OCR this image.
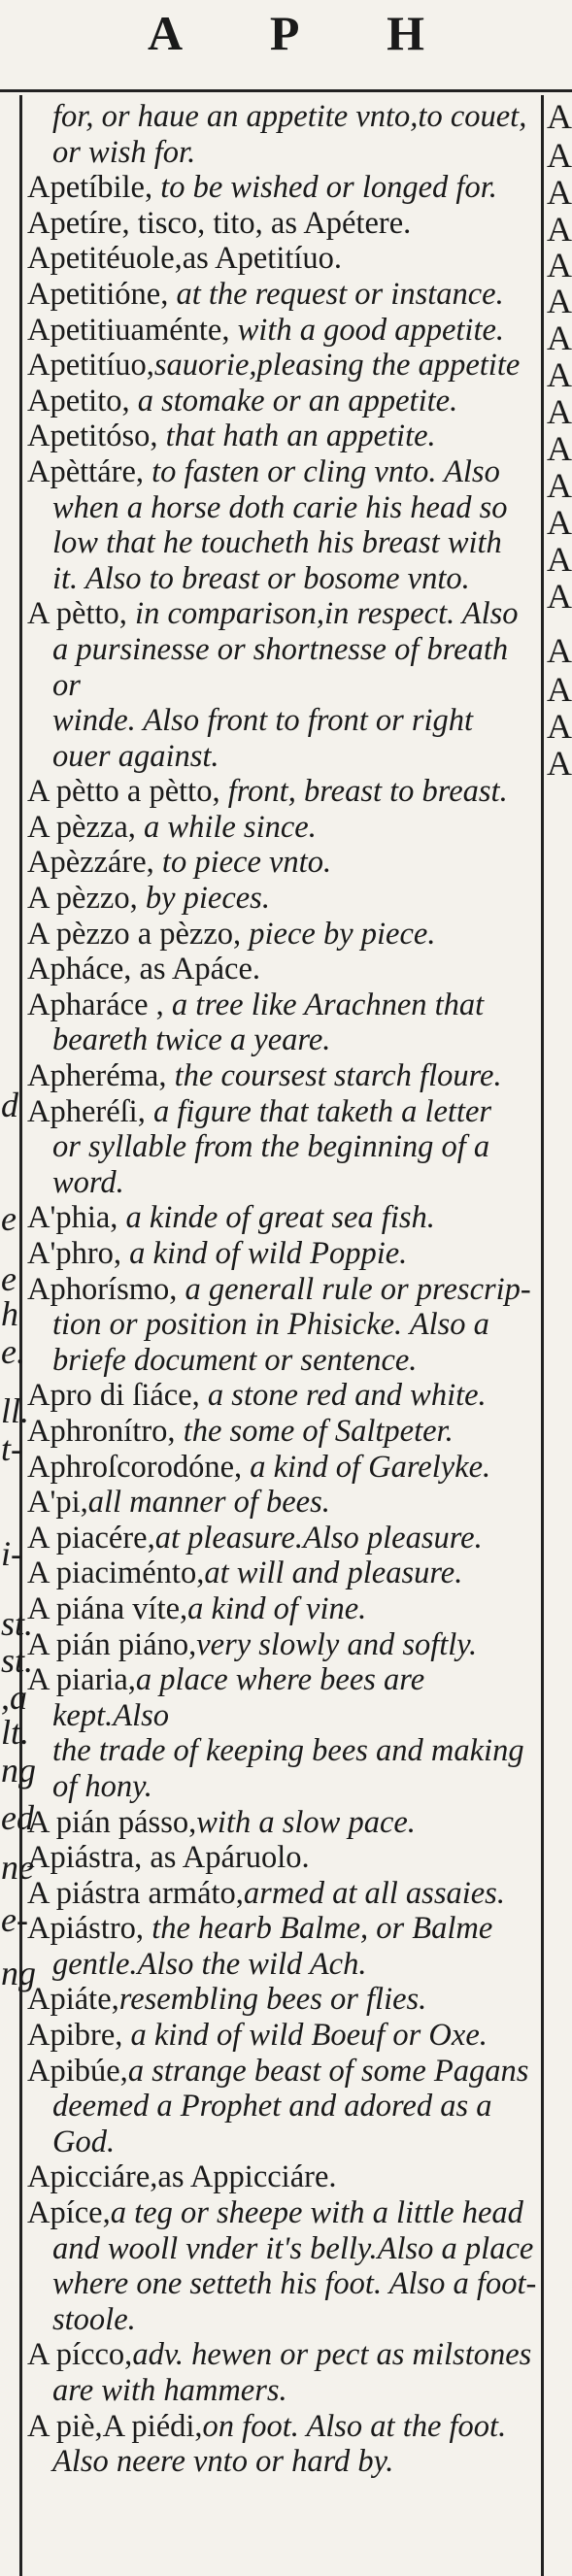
A P H
d
e
e
h
e.
ll.
t-
i-
st.
st.
,a
lt.
ng
ed
ne
e-
ng
A
A
A
A
A
A
A
A
A
A
A
A
A
A
A
A
A
A
for, or haue an appetite vnto,to couet,
or wish for.
Apetíbile, to be wished or longed for.
Apetíre, tisco, tito, as Apétere.
Apetitéuole,as Apetitíuo.
Apetitióne, at the request or instance.
Apetitiuaménte, with a good appetite.
Apetitíuo,sauorie,pleasing the appetite
Apetito, a stomake or an appetite.
Apetitóso, that hath an appetite.
Apèttáre, to fasten or cling vnto. Also
when a horse doth carie his head so
low that he toucheth his breast with
it. Also to breast or bosome vnto.
A pètto, in comparison,in respect. Also
a pursinesse or shortnesse of breath or
winde. Also front to front or right
ouer against.
A pètto a pètto, front, breast to breast.
A pèzza, a while since.
Apèzzáre, to piece vnto.
A pèzzo, by pieces.
A pèzzo a pèzzo, piece by piece.
Apháce, as Apáce.
Apharáce , a tree like Arachnen that
beareth twice a yeare.
Apheréma, the coursest starch floure.
Apheréſi, a figure that taketh a letter
or syllable from the beginning of a
word.
A'phia, a kinde of great sea fish.
A'phro, a kind of wild Poppie.
Aphorísmo, a generall rule or prescrip-
tion or position in Phisicke. Also a
briefe document or sentence.
Apro di ſiáce, a stone red and white.
Aphronítro, the some of Saltpeter.
Aphroſcorodóne, a kind of Garelyke.
A'pi,all manner of bees.
A piacére,at pleasure.Also pleasure.
A piaciménto,at will and pleasure.
A piána víte,a kind of vine.
A pián piáno,very slowly and softly.
A piaria,a place where bees are kept.Also
the trade of keeping bees and making
of hony.
A pián pásso,with a slow pace.
Apiástra, as Apáruolo.
A piástra armáto,armed at all assaies.
Apiástro, the hearb Balme, or Balme
gentle.Also the wild Ach.
Apiáte,resembling bees or flies.
Apibre, a kind of wild Boeuf or Oxe.
Apibúe,a strange beast of some Pagans
deemed a Prophet and adored as a
God.
Apicciáre,as Appicciáre.
Apíce,a teg or sheepe with a little head
and wooll vnder it's belly.Also a place
where one setteth his foot. Also a foot-
stoole.
A pícco,adv. hewen or pect as milstones
are with hammers.
A piè,A piédi,on foot. Also at the foot.
Also neere vnto or hard by.
